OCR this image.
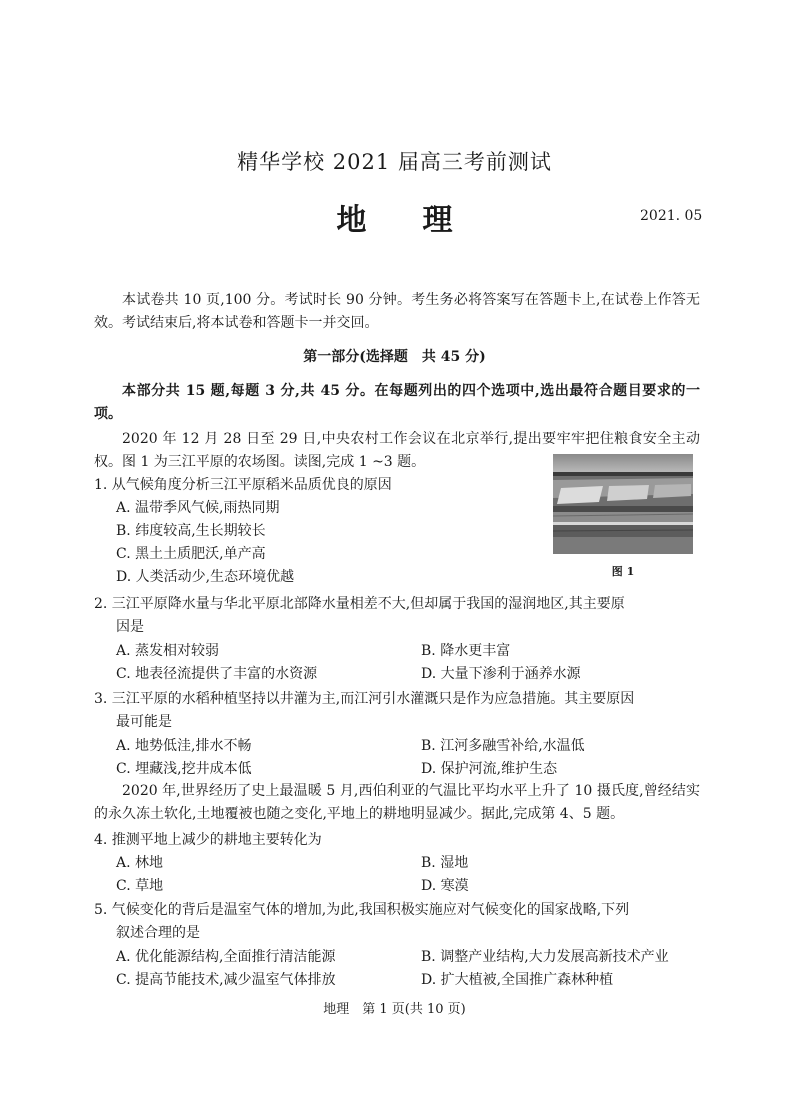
精华学校 2021 届高三考前测试
地理	2021. 05
本试卷共 10 页,100 分。考试时长 90 分钟。考生务必将答案写在答题卡上,在试卷上作答无效。考试结束后,将本试卷和答题卡一并交回。
第一部分(选择题　共 45 分)
本部分共 15 题,每题 3 分,共 45 分。在每题列出的四个选项中,选出最符合题目要求的一项。
2020 年 12 月 28 日至 29 日,中央农村工作会议在北京举行,提出要牢牢把住粮食安全主动权。图 1 为三江平原的农场图。读图,完成 1 ~3 题。
图 1
1. 从气候角度分析三江平原稻米品质优良的原因
A. 温带季风气候,雨热同期
B. 纬度较高,生长期较长
C. 黑土土质肥沃,单产高
D. 人类活动少,生态环境优越
2. 三江平原降水量与华北平原北部降水量相差不大,但却属于我国的湿润地区,其主要原
因是
A. 蒸发相对较弱	B. 降水更丰富
C. 地表径流提供了丰富的水资源	D. 大量下渗利于涵养水源
3. 三江平原的水稻种植坚持以井灌为主,而江河引水灌溉只是作为应急措施。其主要原因
最可能是
A. 地势低洼,排水不畅	B. 江河多融雪补给,水温低
C. 埋藏浅,挖井成本低	D. 保护河流,维护生态
2020 年,世界经历了史上最温暖 5 月,西伯利亚的气温比平均水平上升了 10 摄氏度,曾经结实的永久冻土软化,土地覆被也随之变化,平地上的耕地明显减少。据此,完成第 4、5 题。
4. 推测平地上减少的耕地主要转化为
A. 林地	B. 湿地
C. 草地	D. 寒漠
5. 气候变化的背后是温室气体的增加,为此,我国积极实施应对气候变化的国家战略,下列
叙述合理的是
A. 优化能源结构,全面推行清洁能源	B. 调整产业结构,大力发展高新技术产业
C. 提高节能技术,减少温室气体排放	D. 扩大植被,全国推广森林种植
地理　第 1 页(共 10 页)
